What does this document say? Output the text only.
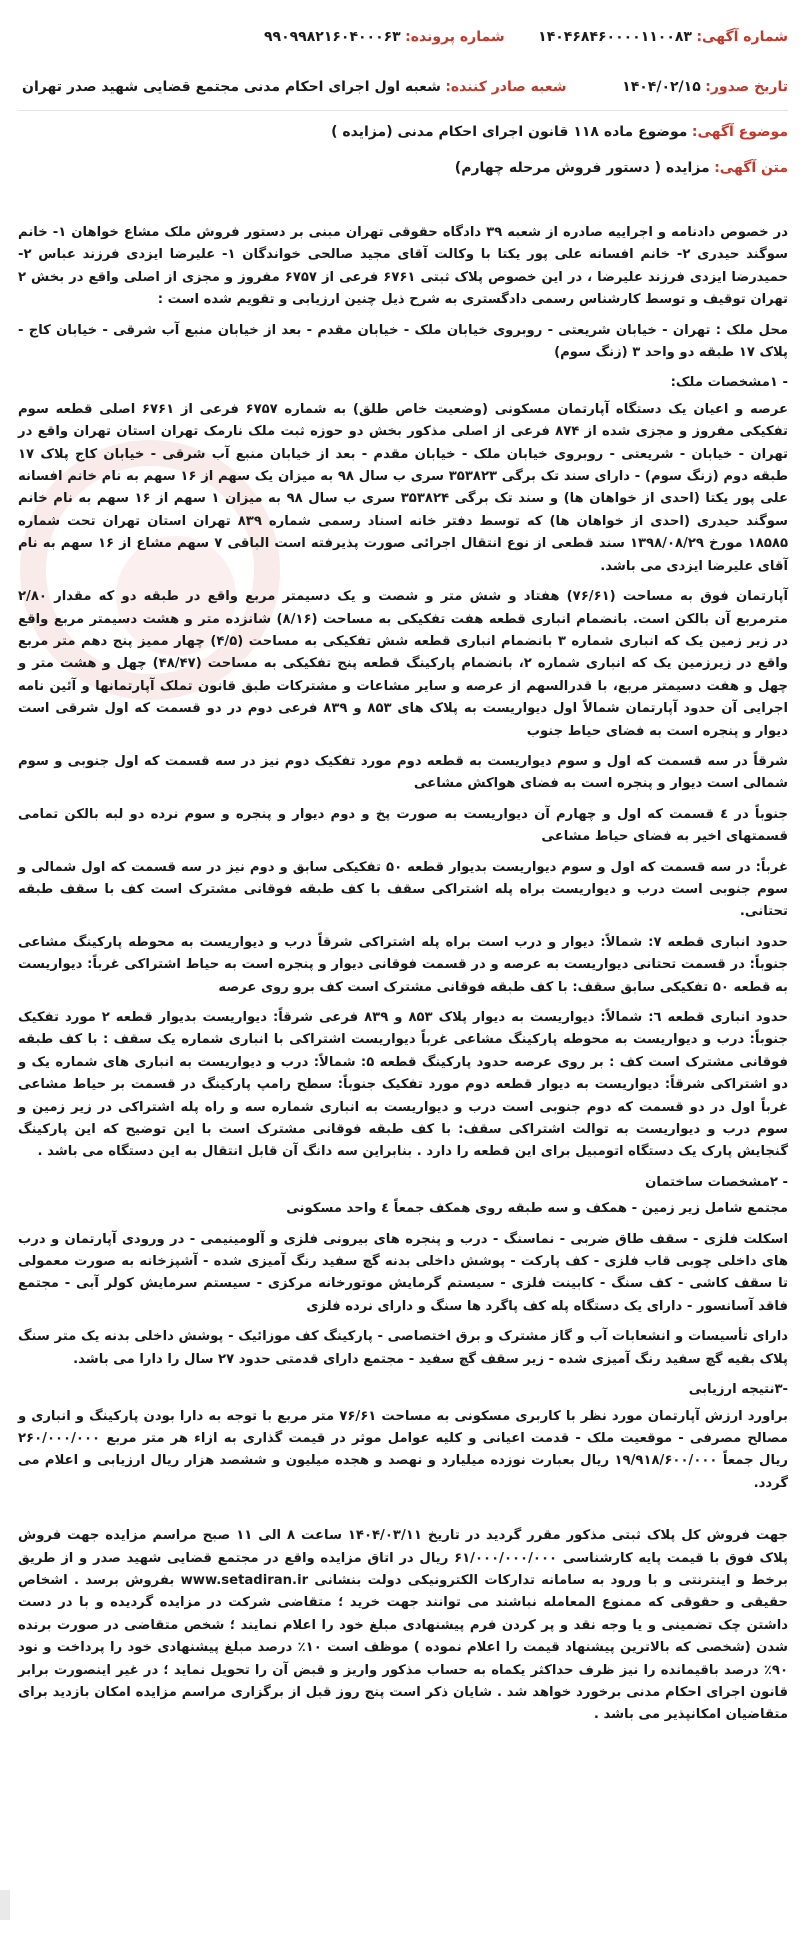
شماره آگهی: ۱۴۰۴۶۸۴۶۰۰۰۰۱۱۰۰۸۳
شماره پرونده: ۹۹۰۹۹۸۲۱۶۰۴۰۰۰۶۳
تاریخ صدور: ۱۴۰۴/۰۲/۱۵
شعبه صادر کننده: شعبه اول اجرای احکام مدنی مجتمع قضایی شهید صدر تهران
موضوع آگهی: موضوع ماده ۱۱۸ قانون اجرای احکام مدنی (مزایده )
متن آگهی: مزایده ( دستور فروش مرحله چهارم)

در خصوص دادنامه و اجراییه صادره از شعبه ۳۹ دادگاه حقوقی تهران مبنی بر دستور فروش ملک مشاع خواهان ۱- خانم سوگند حیدری ۲- خانم افسانه علی پور یکتا با وکالت آقای مجید صالحی خواندگان ۱- علیرضا ایزدی فرزند عباس ۲- حمیدرضا ایزدی فرزند علیرضا ، در این خصوص پلاک ثبتی ۶۷۶۱ فرعی از ۶۷۵۷ مفروز و مجزی از اصلی واقع در بخش ۲ تهران توقیف و توسط کارشناس رسمی دادگستری به شرح ذیل چنین ارزیابی و تقویم شده است :

محل ملک : تهران - خیابان شریعتی - روبروی خیابان ملک - خیابان مقدم - بعد از خیابان منبع آب شرقی - خیابان کاج - پلاک ۱۷ طبقه دو واحد ۳ (زنگ سوم)

- ۱مشخصات ملک:

عرصه و اعیان یک دستگاه آپارتمان مسکونی (وضعیت خاص طلق) به شماره ۶۷۵۷ فرعی از ۶۷۶۱ اصلی قطعه سوم تفکیکی مفروز و مجزی شده از ۸۷۴ فرعی از اصلی مذکور بخش دو حوزه ثبت ملک نارمک تهران استان تهران واقع در تهران - خیابان - شریعتی - روبروی خیابان ملک - خیابان مقدم - بعد از خیابان منبع آب شرقی - خیابان کاج پلاک ۱۷ طبقه دوم (زنگ سوم) - دارای سند تک برگی ۳۵۳۸۲۳ سری ب سال ۹۸ به میزان یک سهم از ۱۶ سهم به نام خانم افسانه علی پور یکتا (احدی از خواهان ها) و سند تک برگی ۳۵۳۸۲۴ سری ب سال ۹۸ به میزان ۱ سهم از ۱۶ سهم به نام خانم سوگند حیدری (احدی از خواهان ها) که توسط دفتر خانه اسناد رسمی شماره ۸۳۹ تهران استان تهران تحت شماره ۱۸۵۸۵ مورخ ۱۳۹۸/۰۸/۲۹ سند قطعی از نوع انتقال اجرائی صورت پذیرفته است الباقی ۷ سهم مشاع از ۱۶ سهم به نام آقای علیرضا ایزدی می باشد.

آپارتمان فوق به مساحت (۷۶/۶۱) هفتاد و شش متر و شصت و یک دسیمتر مربع واقع در طبقه دو که مقدار ۲/۸۰ مترمربع آن بالکن است. بانضمام انباری قطعه هفت تفکیکی به مساحت (۸/۱۶) شانزده متر و هشت دسیمتر مربع واقع در زیر زمین یک که انباری شماره ۳ بانضمام انباری قطعه شش تفکیکی به مساحت (۴/۵) چهار ممیز پنج دهم متر مربع واقع در زیرزمین یک که انباری شماره ۲، بانضمام پارکینگ قطعه پنج تفکیکی به مساحت (۴۸/۴۷) چهل و هشت متر و چهل و هفت دسیمتر مربع، با قدرالسهم از عرصه و سایر مشاعات و مشترکات طبق قانون تملک آپارتمانها و آئین نامه اجرایی آن حدود آپارتمان شمالاً اول دیواریست به پلاک های ۸۵۳ و ۸۳۹ فرعی دوم در دو قسمت که اول شرقی است دیوار و پنجره است به فضای حیاط جنوب

شرقاً در سه قسمت که اول و سوم دیواریست به قطعه دوم مورد تفکیک دوم نیز در سه قسمت که اول جنوبی و سوم شمالی است دیوار و پنجره است به فضای هواکش مشاعی

جنوباً در ٤ قسمت که اول و چهارم آن دیواریست به صورت پخ و دوم دیوار و پنجره و سوم نرده دو لبه بالکن تمامی قسمتهای اخیر به فضای حیاط مشاعی

غرباً: در سه قسمت که اول و سوم دیواریست بدیوار قطعه ۵۰ تفکیکی سابق و دوم نیز در سه قسمت که اول شمالی و سوم جنوبی است درب و دیواریست براه پله اشتراکی سقف با کف طبقه فوقانی مشترک است کف با سقف طبقه تحتانی.

حدود انباری قطعه ۷: شمالاً: دیوار و درب است براه پله اشتراکی شرقاً درب و دیواریست به محوطه پارکینگ مشاعی جنوباً: در قسمت تحتانی دیواریست به عرصه و در قسمت فوقانی دیوار و پنجره است به حیاط اشتراکی غرباً: دیواریست به قطعه ۵۰ تفکیکی سابق سقف: با کف طبقه فوقانی مشترک است کف برو روی عرصه

حدود انباری قطعه ٦: شمالاً: دیواریست به دیوار پلاک ۸۵۳ و ۸۳۹ فرعی شرقاً: دیواریست بدیوار قطعه ۲ مورد تفکیک جنوباً: درب و دیواریست به محوطه پارکینگ مشاعی غرباً دیواریست اشتراکی با انباری شماره یک سقف : با کف طبقه فوقانی مشترک است کف : بر روی عرصه حدود پارکینگ قطعه ۵: شمالاً: درب و دیواریست به انباری های شماره یک و دو اشتراکی شرقاً: دیواریست به دیوار قطعه دوم مورد تفکیک جنوباً: سطح رامپ پارکینگ در قسمت بر حیاط مشاعی غرباً اول در دو قسمت که دوم جنوبی است درب و دیواریست به انباری شماره سه و راه پله اشتراکی در زیر زمین و سوم درب و دیواریست به توالت اشتراکی سقف: با کف طبقه فوقانی مشترک است با این توضیح که این پارکینگ گنجایش پارک یک دستگاه اتومبیل برای این قطعه را دارد . بنابراین سه دانگ آن قابل انتقال به این دستگاه می باشد .

- ۲مشخصات ساختمان

مجتمع شامل زیر زمین - همکف و سه طبقه روی همکف جمعاً ٤ واحد مسکونی

اسکلت فلزی - سقف طاق ضربی - نماسنگ - درب و پنجره های بیرونی فلزی و آلومینیمی - در ورودی آپارتمان و درب های داخلی چوبی قاب فلزی - کف پارکت - پوشش داخلی بدنه گچ سفید رنگ آمیزی شده - آشپزخانه به صورت معمولی تا سقف کاشی - کف سنگ - کابینت فلزی - سیستم گرمایش موتورخانه مرکزی - سیستم سرمایش کولر آبی - مجتمع فاقد آسانسور - دارای یک دستگاه پله کف پاگرد ها سنگ و دارای نرده فلزی

دارای تأسیسات و انشعابات آب و گاز مشترک و برق اختصاصی - پارکینگ کف موزائیک - پوشش داخلی بدنه یک متر سنگ پلاک بقیه گچ سفید رنگ آمیزی شده - زیر سقف گچ سفید - مجتمع دارای قدمتی حدود ۲۷ سال را دارا می باشد.

-۳نتیجه ارزیابی

براورد ارزش آپارتمان مورد نظر با کاربری مسکونی به مساحت ۷۶/۶۱ متر مربع با توجه به دارا بودن پارکینگ و انباری و مصالح مصرفی - موقعیت ملک - قدمت اعیانی و کلیه عوامل موثر در قیمت گذاری به ازاء هر متر مربع ۲۶۰/۰۰۰/۰۰۰ ریال جمعاً ۱۹/۹۱۸/۶۰۰/۰۰۰ ریال بعبارت نوزده میلیارد و نهصد و هجده میلیون و ششصد هزار ریال ارزیابی و اعلام می گردد.

جهت فروش کل پلاک ثبتی مذکور مقرر گردید در تاریخ ۱۴۰۴/۰۳/۱۱ ساعت ۸ الی ۱۱ صبح مراسم مزایده جهت فروش پلاک فوق با قیمت پایه کارشناسی ۶۱/۰۰۰/۰۰۰/۰۰۰ ریال در اتاق مزایده واقع در مجتمع قضایی شهید صدر و از طریق برخط و اینترنتی و با ورود به سامانه تدارکات الکترونیکی دولت بنشانی www.setadiran.ir بفروش برسد . اشخاص حقیقی و حقوقی که ممنوع المعامله نباشند می توانند جهت خرید ؛ متقاضی شرکت در مزایده گردیده و با در دست داشتن چک تضمینی و یا وجه نقد و پر کردن فرم پیشنهادی مبلغ خود را اعلام نمایند ؛ شخص متقاضی در صورت برنده شدن (شخصی که بالاترین پیشنهاد قیمت را اعلام نموده ) موظف است ۱۰٪ درصد مبلغ پیشنهادی خود را پرداخت و نود ۹۰٪ درصد باقیمانده را نیز ظرف حداکثر یکماه به حساب مذکور واریز و قبض آن را تحویل نماید ؛ در غیر اینصورت برابر قانون اجرای احکام مدنی برخورد خواهد شد . شایان ذکر است پنج روز قبل از برگزاری مراسم مزایده امکان بازدید برای متقاضیان امکانپذیر می باشد .
